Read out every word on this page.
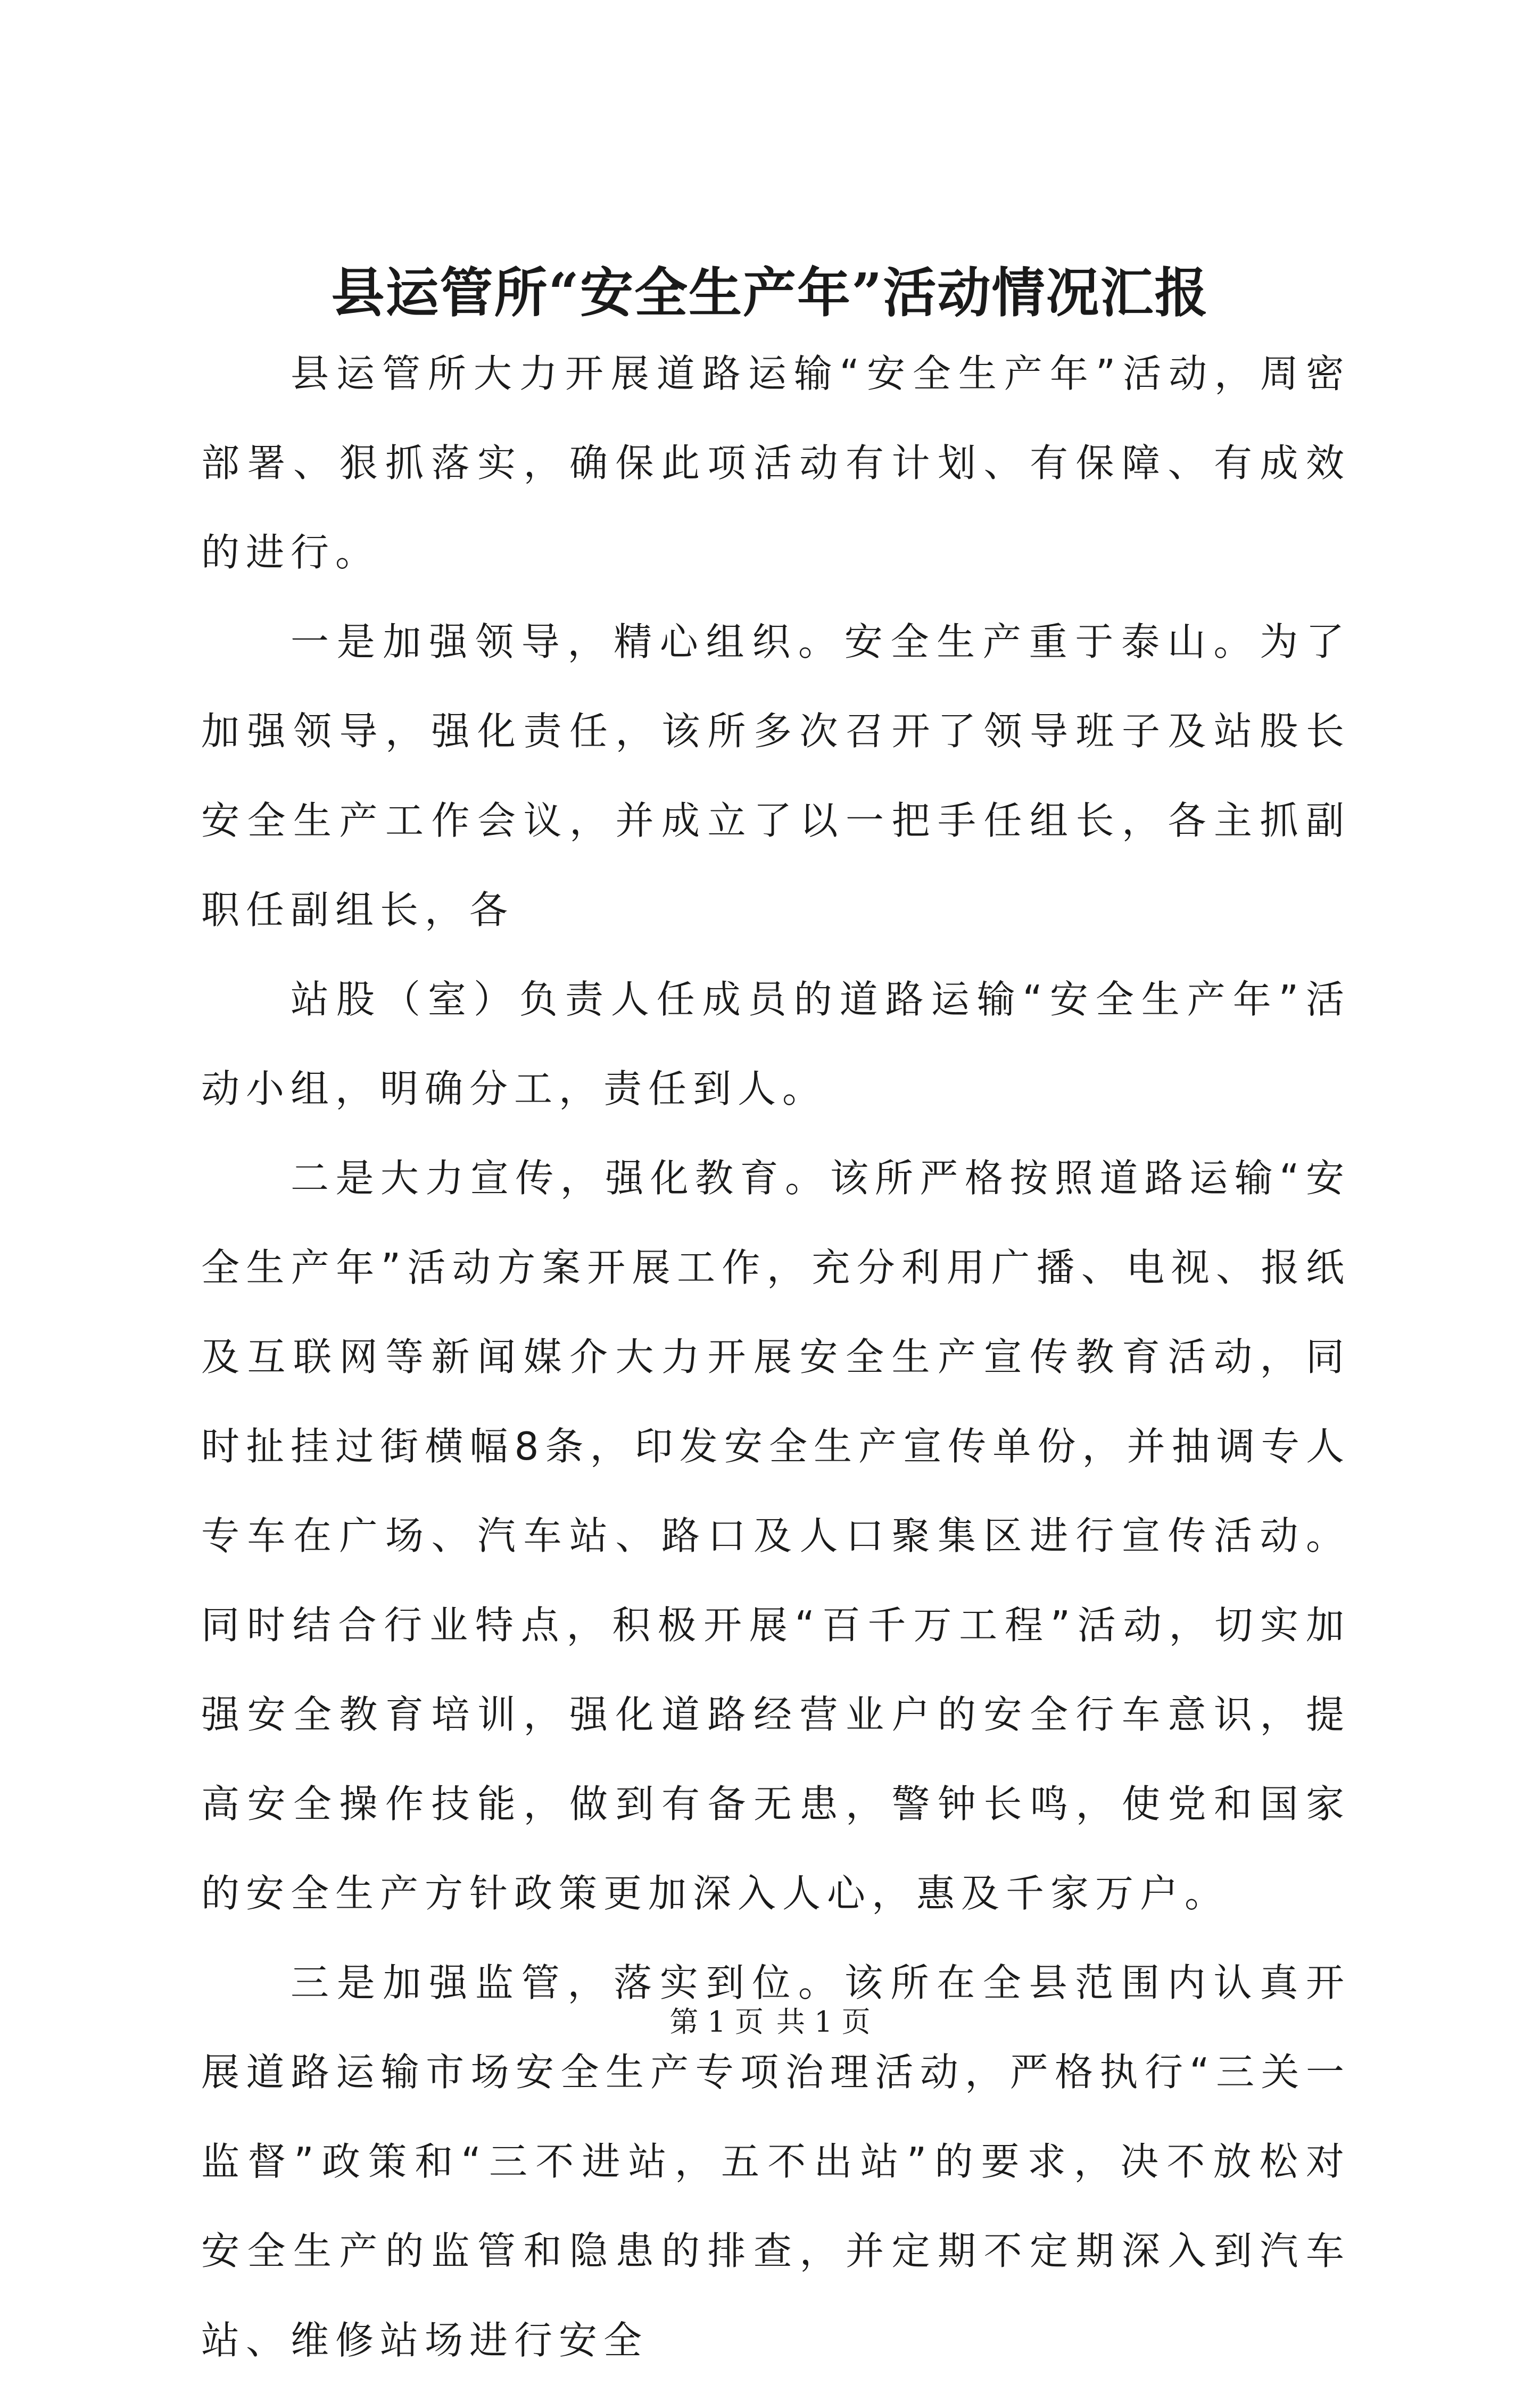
县运管所“安全生产年”活动情况汇报

县运管所大力开展道路运输“安全生产年”活动，周密部署、狠抓落实，确保此项活动有计划、有保障、有成效的进行。

一是加强领导，精心组织。安全生产重于泰山。为了加强领导，强化责任，该所多次召开了领导班子及站股长安全生产工作会议，并成立了以一把手任组长，各主抓副职任副组长，各

站股（室）负责人任成员的道路运输“安全生产年”活动小组，明确分工，责任到人。

二是大力宣传，强化教育。该所严格按照道路运输“安全生产年”活动方案开展工作，充分利用广播、电视、报纸及互联网等新闻媒介大力开展安全生产宣传教育活动，同时扯挂过街横幅8条，印发安全生产宣传单份，并抽调专人专车在广场、汽车站、路口及人口聚集区进行宣传活动。同时结合行业特点，积极开展“百千万工程”活动，切实加强安全教育培训，强化道路经营业户的安全行车意识，提高安全操作技能，做到有备无患，警钟长鸣，使党和国家的安全生产方针政策更加深入人心，惠及千家万户。

三是加强监管，落实到位。该所在全县范围内认真开展道路运输市场安全生产专项治理活动，严格执行“三关一监督”政策和“三不进站，五不出站”的要求，决不放松对安全生产的监管和隐患的排查，并定期不定期深入到汽车站、维修站场进行安全

第 1 页 共 1 页
